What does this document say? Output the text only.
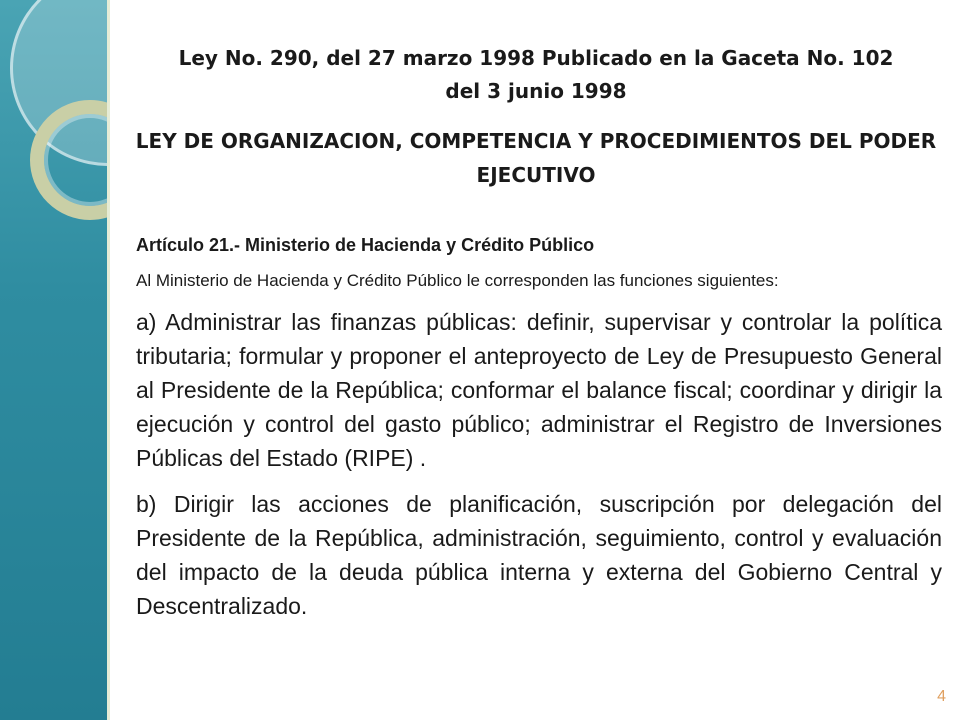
Ley No. 290, del 27 marzo 1998 Publicado en la Gaceta No. 102 del 3 junio 1998
LEY DE ORGANIZACION, COMPETENCIA Y PROCEDIMIENTOS DEL PODER EJECUTIVO
Artículo 21.- Ministerio de Hacienda y Crédito Público
Al Ministerio de Hacienda y Crédito Público le corresponden las funciones siguientes:
a) Administrar las finanzas públicas: definir, supervisar y controlar la política tributaria; formular y proponer el anteproyecto de Ley de Presupuesto General al Presidente de la República; conformar el balance fiscal; coordinar y dirigir la ejecución y control del gasto público; administrar el Registro de Inversiones Públicas del Estado (RIPE) .
b) Dirigir las acciones de planificación, suscripción por delegación del Presidente de la República, administración, seguimiento, control y evaluación del impacto de la deuda pública interna y externa del Gobierno Central y Descentralizado.
4
